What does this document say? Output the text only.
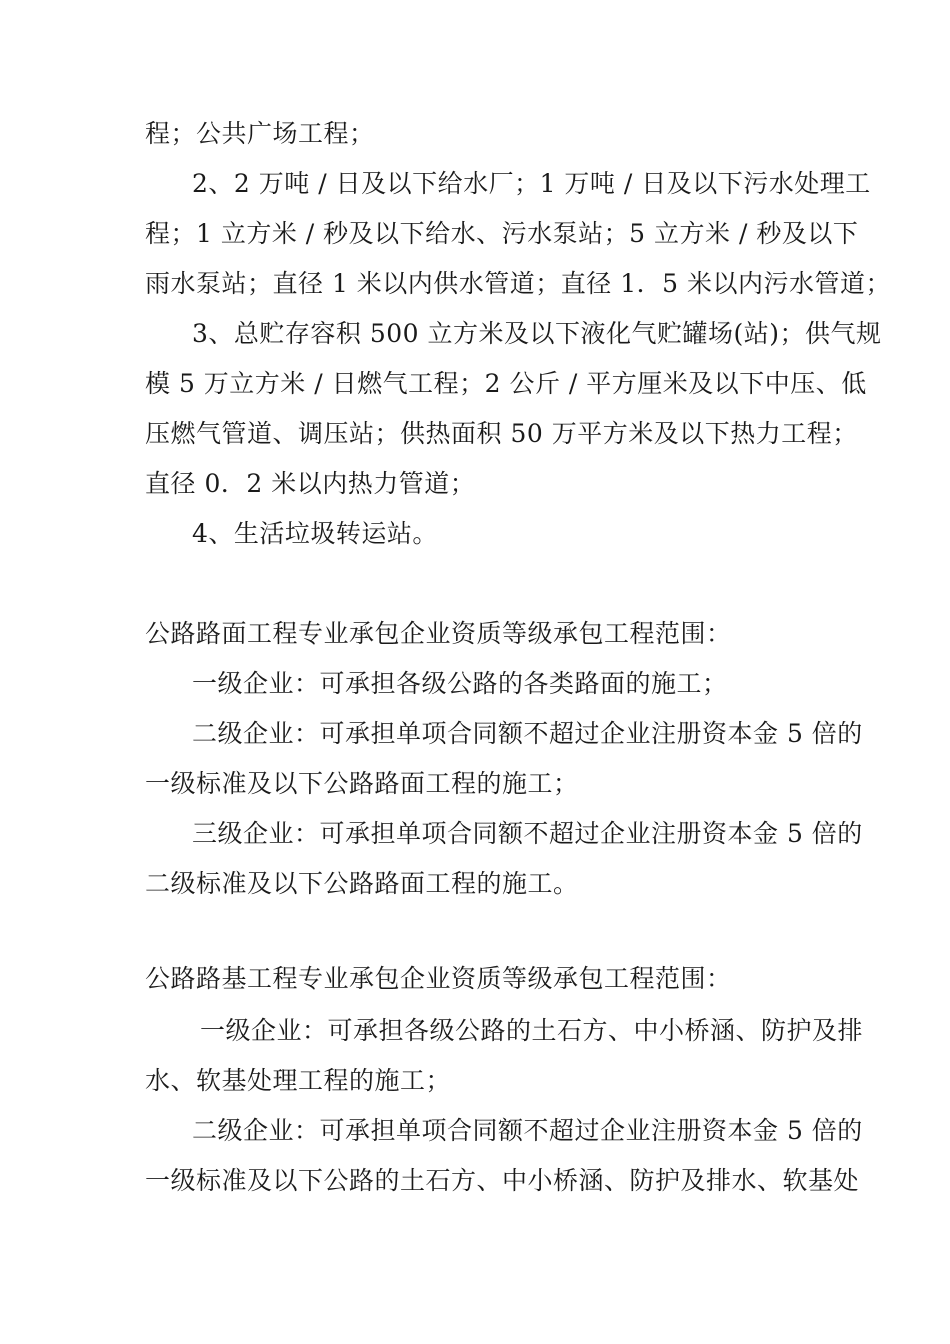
程；公共广场工程；
2、2 万吨 / 日及以下给水厂；1 万吨 / 日及以下污水处理工
程；1 立方米 / 秒及以下给水、污水泵站；5 立方米 / 秒及以下
雨水泵站；直径 1 米以内供水管道；直径 1．5 米以内污水管道；
3、总贮存容积 500 立方米及以下液化气贮罐场(站)；供气规
模 5 万立方米 / 日燃气工程；2 公斤 / 平方厘米及以下中压、低
压燃气管道、调压站；供热面积 50 万平方米及以下热力工程；
直径 0．2 米以内热力管道；
4、生活垃圾转运站。
公路路面工程专业承包企业资质等级承包工程范围：
一级企业：可承担各级公路的各类路面的施工；
二级企业：可承担单项合同额不超过企业注册资本金 5 倍的
一级标准及以下公路路面工程的施工；
三级企业：可承担单项合同额不超过企业注册资本金 5 倍的
二级标准及以下公路路面工程的施工。
公路路基工程专业承包企业资质等级承包工程范围：
一级企业：可承担各级公路的土石方、中小桥涵、防护及排
水、软基处理工程的施工；
二级企业：可承担单项合同额不超过企业注册资本金 5 倍的
一级标准及以下公路的土石方、中小桥涵、防护及排水、软基处
